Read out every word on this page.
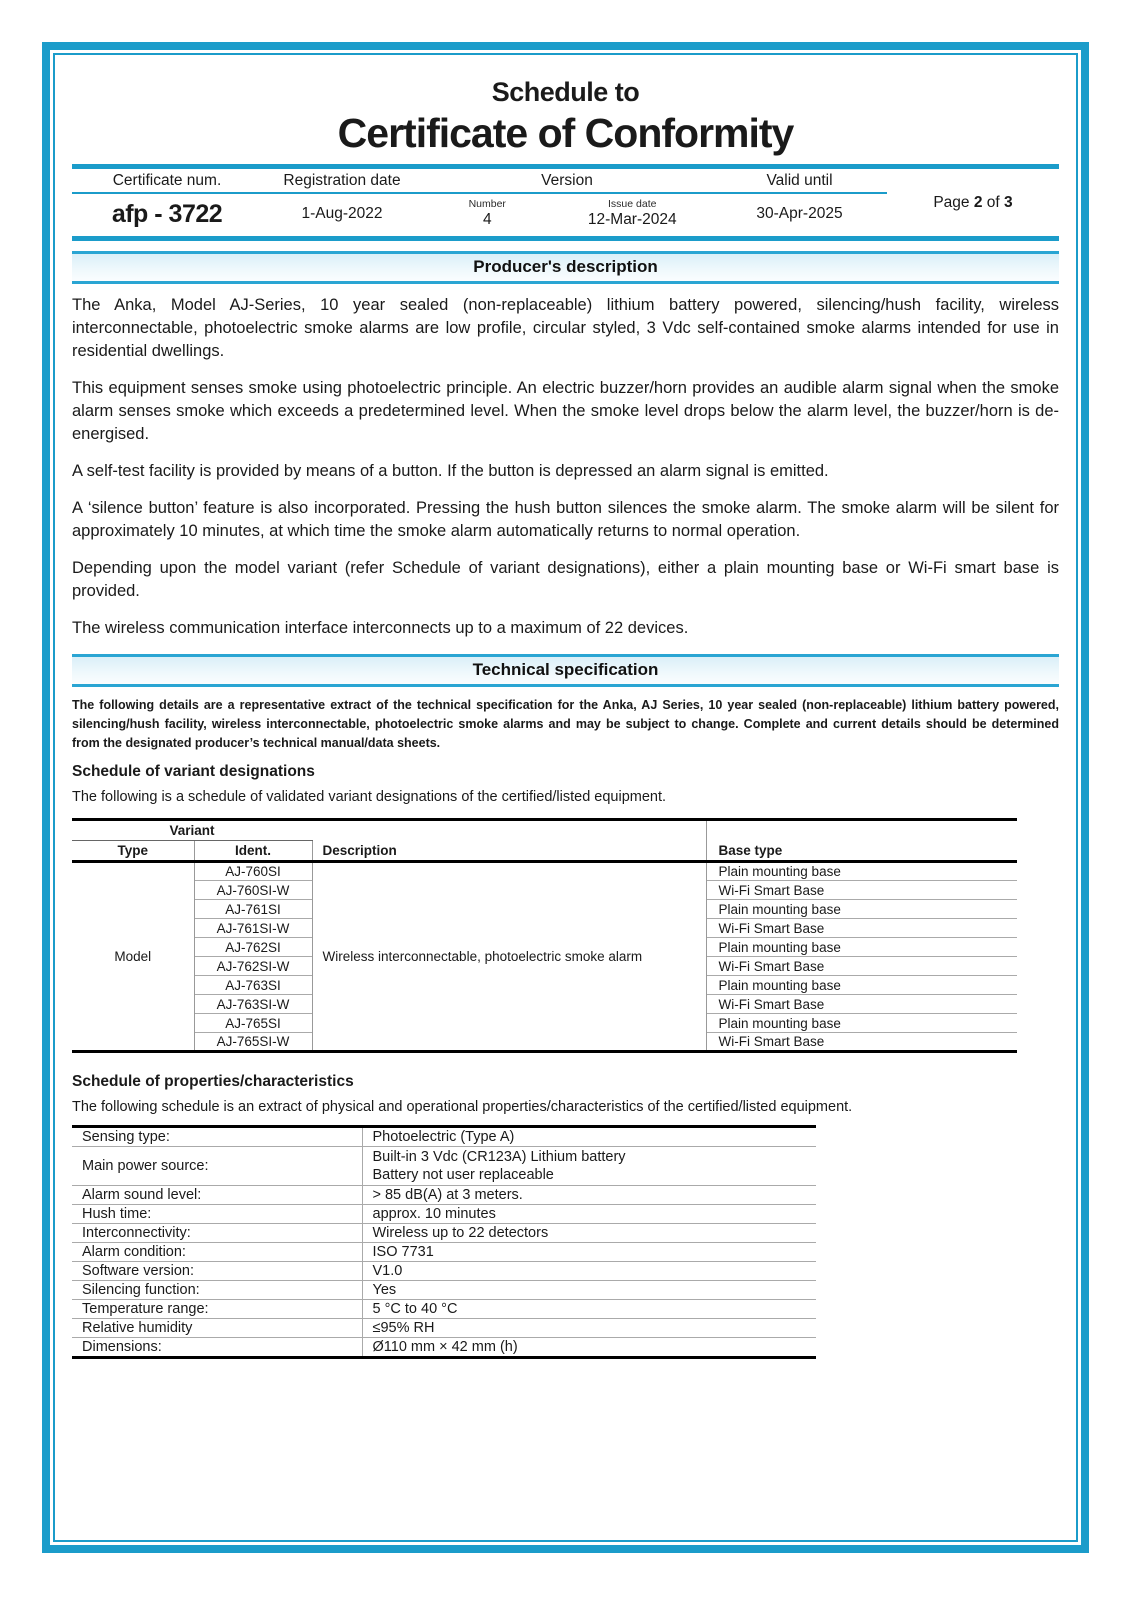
Schedule to
Certificate of Conformity
Certificate num.	Registration date	Version	Valid until
afp - 3722	1-Aug-2022
Number
4
Issue date
12-Mar-2024	30-Apr-2025
Page
2
of
3
Producer's description

The Anka, Model AJ-Series, 10 year sealed (non-replaceable) lithium battery powered, silencing/hush facility, wireless interconnectable, photoelectric smoke alarms are low profile, circular styled, 3 Vdc self-contained smoke alarms intended for use in residential dwellings.

This equipment senses smoke using photoelectric principle. An electric buzzer/horn provides an audible alarm signal when the smoke alarm senses smoke which exceeds a predetermined level. When the smoke level drops below the alarm level, the buzzer/horn is de-energised.

A self-test facility is provided by means of a button. If the button is depressed an alarm signal is emitted.

A ‘silence button’ feature is also incorporated. Pressing the hush button silences the smoke alarm. The smoke alarm will be silent for approximately 10 minutes, at which time the smoke alarm automatically returns to normal operation.

Depending upon the model variant (refer Schedule of variant designations), either a plain mounting base or Wi-Fi smart base is provided.

The wireless communication interface interconnects up to a maximum of 22 devices.

Technical specification
The following details are a representative extract of the technical specification for the Anka, AJ Series, 10 year sealed (non-replaceable) lithium battery powered, silencing/hush facility, wireless interconnectable, photoelectric smoke alarms and may be subject to change. Complete and current details should be determined from the designated producer’s technical manual/data sheets.
Schedule of variant designations
The following is a schedule of validated variant designations of the certified/listed equipment.
Variant		Description	Base type
Type	Ident.		
Model	AJ-760SI	Wireless interconnectable, photoelectric smoke alarm	Plain mounting base
	AJ-760SI-W		Wi-Fi Smart Base
	AJ-761SI		Plain mounting base
	AJ-761SI-W		Wi-Fi Smart Base
	AJ-762SI		Plain mounting base
	AJ-762SI-W		Wi-Fi Smart Base
	AJ-763SI		Plain mounting base
	AJ-763SI-W		Wi-Fi Smart Base
	AJ-765SI		Plain mounting base
	AJ-765SI-W		Wi-Fi Smart Base
Schedule of properties/characteristics
The following schedule is an extract of physical and operational properties/characteristics of the certified/listed equipment.
Sensing type:	Photoelectric (Type A)
Main power source:	Built-in 3 Vdc (CR123A) Lithium battery
Battery not user replaceable

Alarm sound level:	> 85 dB(A) at 3 meters.
Hush time:	approx. 10 minutes
Interconnectivity:	Wireless up to 22 detectors
Alarm condition:	ISO 7731
Software version:	V1.0
Silencing function:	Yes
Temperature range:	5 °C to 40 °C
Relative humidity	≤95% RH
Dimensions:	Ø110 mm × 42 mm (h)
